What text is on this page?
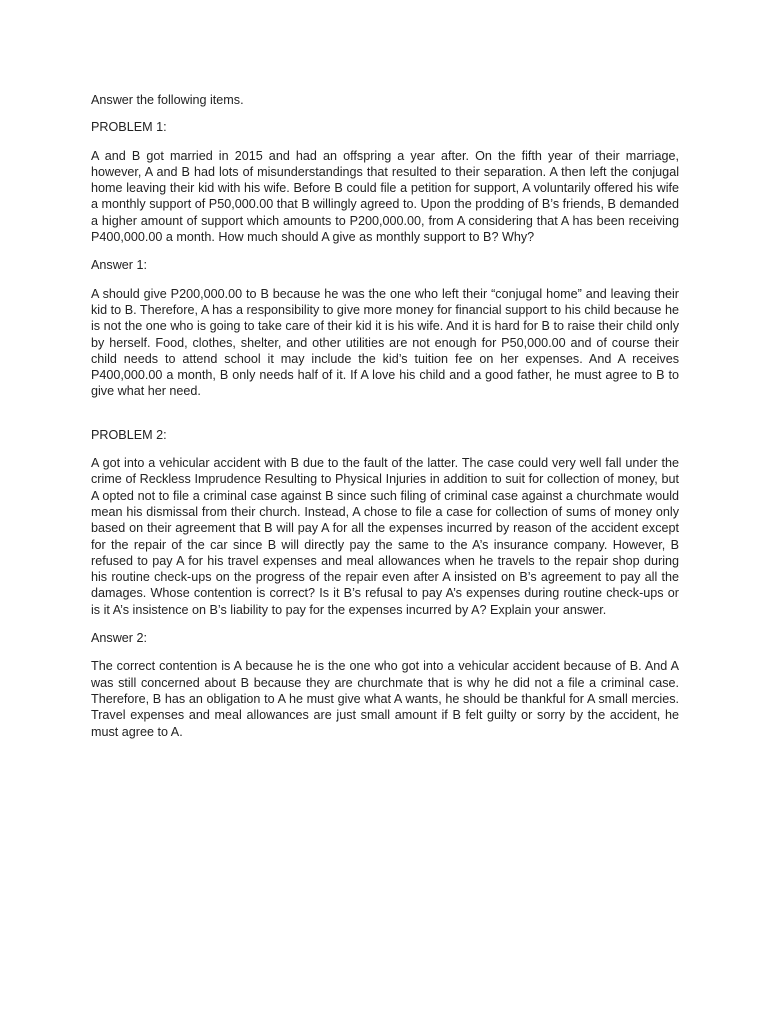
Answer the following items.

PROBLEM 1:

A and B got married in 2015 and had an offspring a year after. On the fifth year of their marriage, however, A and B had lots of misunderstandings that resulted to their separation. A then left the conjugal home leaving their kid with his wife. Before B could file a petition for support, A voluntarily offered his wife a monthly support of P50,000.00 that B willingly agreed to. Upon the prodding of B’s friends, B demanded a higher amount of support which amounts to P200,000.00, from A considering that A has been receiving P400,000.00 a month. How much should A give as monthly support to B? Why?

Answer 1:

A should give P200,000.00 to B because he was the one who left their “conjugal home” and leaving their kid to B. Therefore, A has a responsibility to give more money for financial support to his child because he is not the one who is going to take care of their kid it is his wife. And it is hard for B to raise their child only by herself. Food, clothes, shelter, and other utilities are not enough for P50,000.00 and of course their child needs to attend school it may include the kid’s tuition fee on her expenses. And A receives P400,000.00 a month, B only needs half of it. If A love his child and a good father, he must agree to B to give what her need.

PROBLEM 2:

A got into a vehicular accident with B due to the fault of the latter. The case could very well fall under the crime of Reckless Imprudence Resulting to Physical Injuries in addition to suit for collection of money, but A opted not to file a criminal case against B since such filing of criminal case against a churchmate would mean his dismissal from their church. Instead, A chose to file a case for collection of sums of money only based on their agreement that B will pay A for all the expenses incurred by reason of the accident except for the repair of the car since B will directly pay the same to the A’s insurance company. However, B refused to pay A for his travel expenses and meal allowances when he travels to the repair shop during his routine check-ups on the progress of the repair even after A insisted on B’s agreement to pay all the damages. Whose contention is correct? Is it B’s refusal to pay A’s expenses during routine check-ups or is it A’s insistence on B’s liability to pay for the expenses incurred by A? Explain your answer.

Answer 2:

The correct contention is A because he is the one who got into a vehicular accident because of B. And A was still concerned about B because they are churchmate that is why he did not a file a criminal case. Therefore, B has an obligation to A he must give what A wants, he should be thankful for A small mercies. Travel expenses and meal allowances are just small amount if B felt guilty or sorry by the accident, he must agree to A.
